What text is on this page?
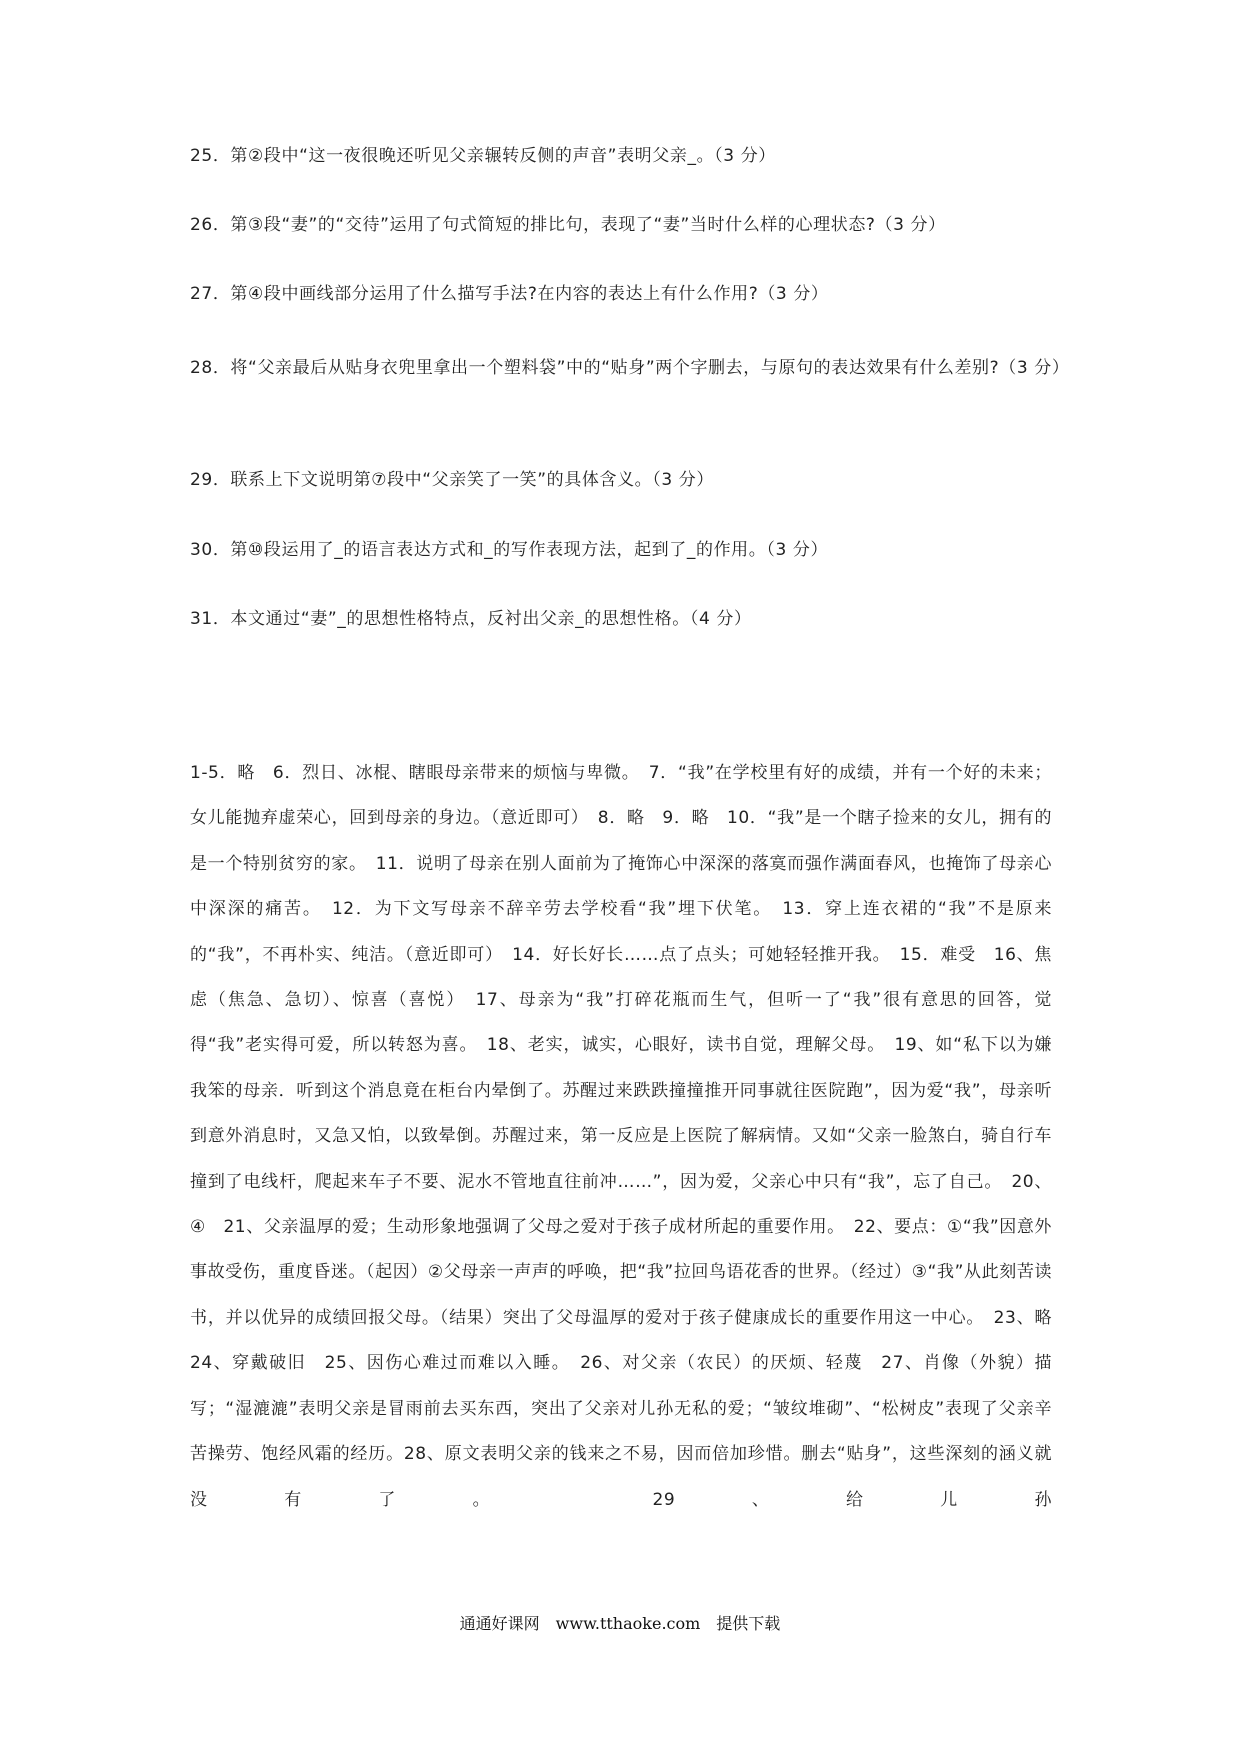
25．第②段中“这一夜很晚还听见父亲辗转反侧的声音”表明父亲_。（3 分）

26．第③段“妻”的“交待”运用了句式简短的排比句，表现了“妻”当时什么样的心理状态?（3 分）

27．第④段中画线部分运用了什么描写手法?在内容的表达上有什么作用?（3 分）

28．将“父亲最后从贴身衣兜里拿出一个塑料袋”中的“贴身”两个字删去，与原句的表达效果有什么差别?（3 分）

29．联系上下文说明第⑦段中“父亲笑了一笑”的具体含义。（3 分）

30．第⑩段运用了_的语言表达方式和_的写作表现方法，起到了_的作用。（3 分）

31．本文通过“妻”_的思想性格特点，反衬出父亲_的思想性格。（4 分）

1-5．略　6．烈日、冰棍、瞎眼母亲带来的烦恼与卑微。　7．“我”在学校里有好的成绩，并有一个好的未来；女儿能抛弃虚荣心，回到母亲的身边。（意近即可）　8．略　9．略　10．“我”是一个瞎子捡来的女儿，拥有的是一个特别贫穷的家。　11．说明了母亲在别人面前为了掩饰心中深深的落寞而强作满面春风，也掩饰了母亲心中深深的痛苦。　12．为下文写母亲不辞辛劳去学校看“我”埋下伏笔。　13．穿上连衣裙的“我”不是原来的“我”，不再朴实、纯洁。（意近即可）　14．好长好长……点了点头；可她轻轻推开我。　15．难受　16、焦虑（焦急、急切）、惊喜（喜悦）　17、母亲为“我”打碎花瓶而生气，但听一了“我”很有意思的回答，觉得“我”老实得可爱，所以转怒为喜。　18、老实，诚实，心眼好，读书自觉，理解父母。　19、如“私下以为嫌我笨的母亲．听到这个消息竟在柜台内晕倒了。苏醒过来跌跌撞撞推开同事就往医院跑”，因为爱“我”，母亲听到意外消息时，又急又怕，以致晕倒。苏醒过来，第一反应是上医院了解病情。又如“父亲一脸煞白，骑自行车撞到了电线杆，爬起来车子不要、泥水不管地直往前冲……”，因为爱，父亲心中只有“我”，忘了自己。　20、④　21、父亲温厚的爱；生动形象地强调了父母之爱对于孩子成材所起的重要作用。　22、要点：①“我”因意外事故受伤，重度昏迷。（起因）②父母亲一声声的呼唤，把“我”拉回鸟语花香的世界。（经过）③“我”从此刻苦读书，并以优异的成绩回报父母。（结果）突出了父母温厚的爱对于孩子健康成长的重要作用这一中心。　23、略　24、穿戴破旧　25、因伤心难过而难以入睡。　26、对父亲（农民）的厌烦、轻蔑　27、肖像（外貌）描写；“湿漉漉”表明父亲是冒雨前去买东西，突出了父亲对儿孙无私的爱；“皱纹堆砌”、“松树皮”表现了父亲辛苦操劳、饱经风霜的经历。28、原文表明父亲的钱来之不易，因而倍加珍惜。删去“贴身”，这些深刻的涵义就没有了。　29、给儿孙

通通好课网　www.tthaoke.com　提供下载
